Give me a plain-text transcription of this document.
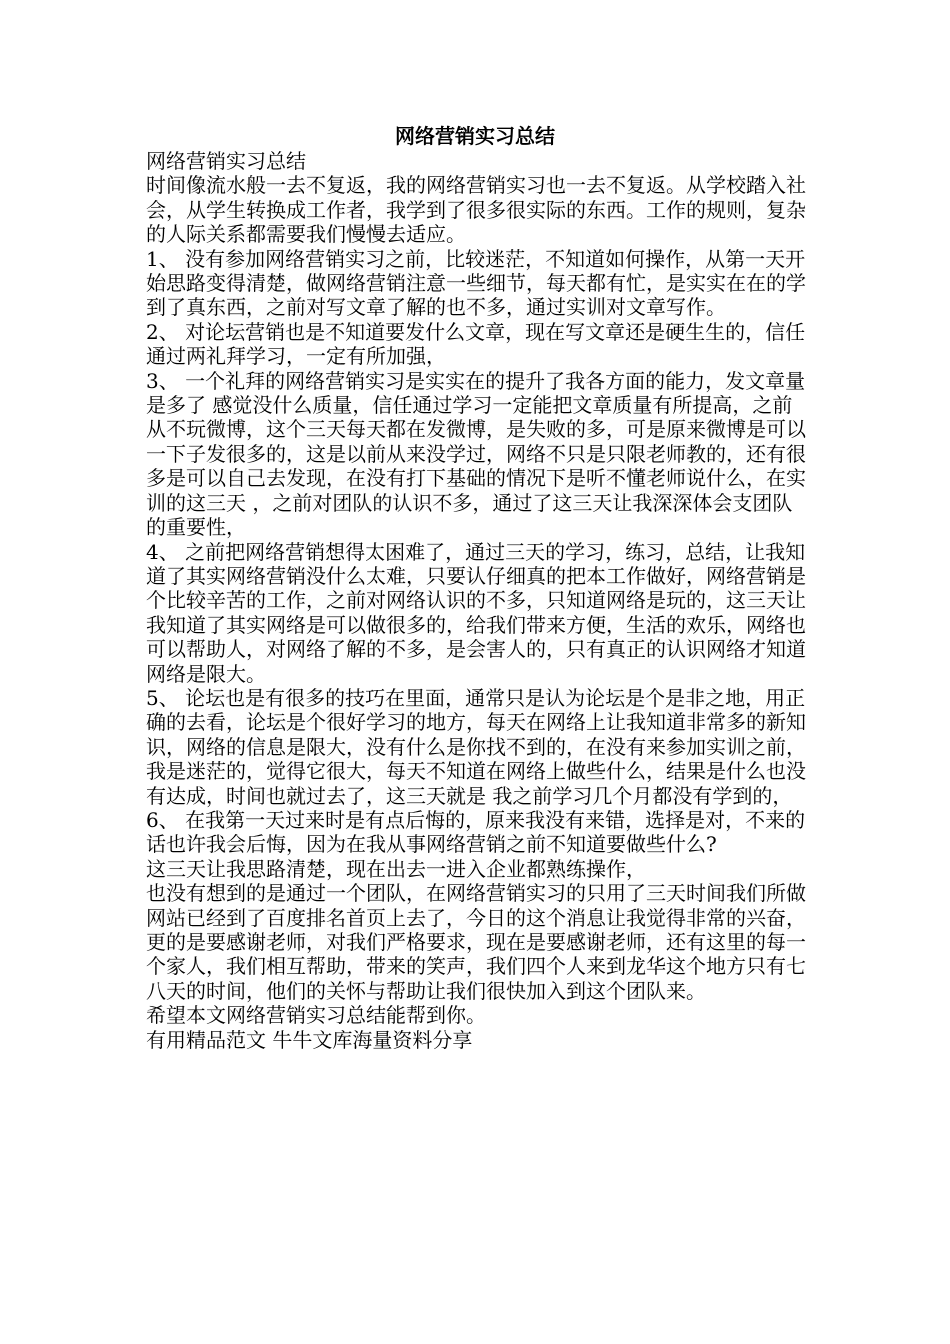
网络营销实习总结

网络营销实习总结

时间像流水般一去不复返，我的网络营销实习也一去不复返。从学校踏入社会，从学生转换成工作者，我学到了很多很实际的东西。工作的规则，复杂的人际关系都需要我们慢慢去适应。

1、 没有参加网络营销实习之前，比较迷茫，不知道如何操作，从第一天开始思路变得清楚，做网络营销注意一些细节，每天都有忙，是实实在在的学到了真东西，之前对写文章了解的也不多，通过实训对文章写作。

2、 对论坛营销也是不知道要发什么文章，现在写文章还是硬生生的，信任通过两礼拜学习，一定有所加强，

3、 一个礼拜的网络营销实习是实实在的提升了我各方面的能力，发文章量是多了 感觉没什么质量，信任通过学习一定能把文章质量有所提高，之前从不玩微博，这个三天每天都在发微博，是失败的多，可是原来微博是可以一下子发很多的，这是以前从来没学过，网络不只是只限老师教的，还有很多是可以自己去发现，在没有打下基础的情况下是听不懂老师说什么，在实训的这三天 ，之前对团队的认识不多，通过了这三天让我深深体会支团队的重要性，

4、 之前把网络营销想得太困难了，通过三天的学习，练习，总结，让我知道了其实网络营销没什么太难，只要认仔细真的把本工作做好，网络营销是个比较辛苦的工作，之前对网络认识的不多，只知道网络是玩的，这三天让我知道了其实网络是可以做很多的，给我们带来方便，生活的欢乐，网络也可以帮助人，对网络了解的不多，是会害人的，只有真正的认识网络才知道网络是限大。

5、 论坛也是有很多的技巧在里面，通常只是认为论坛是个是非之地，用正确的去看，论坛是个很好学习的地方，每天在网络上让我知道非常多的新知识，网络的信息是限大，没有什么是你找不到的，在没有来参加实训之前，我是迷茫的，觉得它很大，每天不知道在网络上做些什么，结果是什么也没有达成，时间也就过去了，这三天就是 我之前学习几个月都没有学到的，

6、 在我第一天过来时是有点后悔的，原来我没有来错，选择是对，不来的话也许我会后悔，因为在我从事网络营销之前不知道要做些什么?

这三天让我思路清楚，现在出去一进入企业都熟练操作，

也没有想到的是通过一个团队，在网络营销实习的只用了三天时间我们所做网站已经到了百度排名首页上去了，今日的这个消息让我觉得非常的兴奋，更的是要感谢老师，对我们严格要求，现在是要感谢老师，还有这里的每一个家人，我们相互帮助，带来的笑声，我们四个人来到龙华这个地方只有七八天的时间，他们的关怀与帮助让我们很快加入到这个团队来。

希望本文网络营销实习总结能帮到你。

有用精品范文 牛牛文库海量资料分享
